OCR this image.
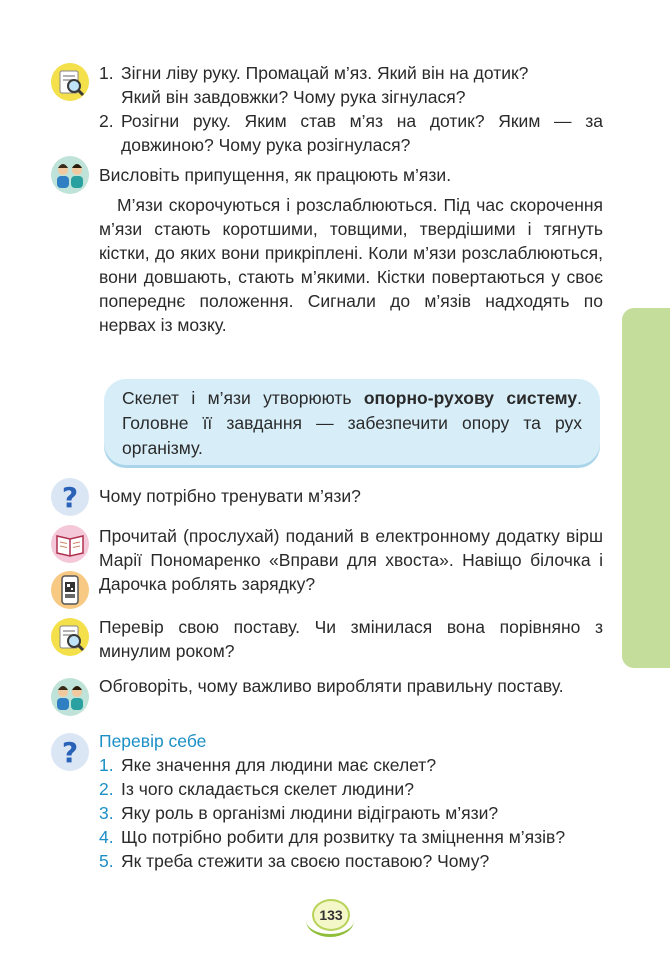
1. Зігни ліву руку. Промацай м’яз. Який він на дотик?

Який він завдовжки? Чому рука зігнулася?

2. Розігни руку. Яким став м’яз на дотик? Яким — за довжиною? Чому рука розігнулася?

Висловіть припущення, як працюють м’язи.

М’язи скорочуються і розслаблюються. Під час скорочення м’язи стають коротшими, товщими, твердішими і тягнуть кістки, до яких вони прикріплені. Коли м’язи розслаблюються, вони довшають, стають м’якими. Кістки повертаються у своє попереднє положення. Сигнали до м’язів надходять по нервах із мозку.

Скелет і м’язи утворюють опорно-рухову систему. Головне її завдання — забезпечити опору та рух організму.
? Чому потрібно тренувати м’язи?

Прочитай (прослухай) поданий в електронному додатку вірш Марії Пономаренко «Вправи для хвоста». Навіщо білочка і Дарочка роблять зарядку?

Перевір свою поставу. Чи змінилася вона порівняно з минулим роком?

Обговоріть, чому важливо виробляти правильну поставу.

? Перевір себе

1. Яке значення для людини має скелет?
2. Із чого складається скелет людини?
3. Яку роль в організмі людини відіграють м’язи?
4. Що потрібно робити для розвитку та зміцнення м’язів?
5. Як треба стежити за своєю поставою? Чому?
133
